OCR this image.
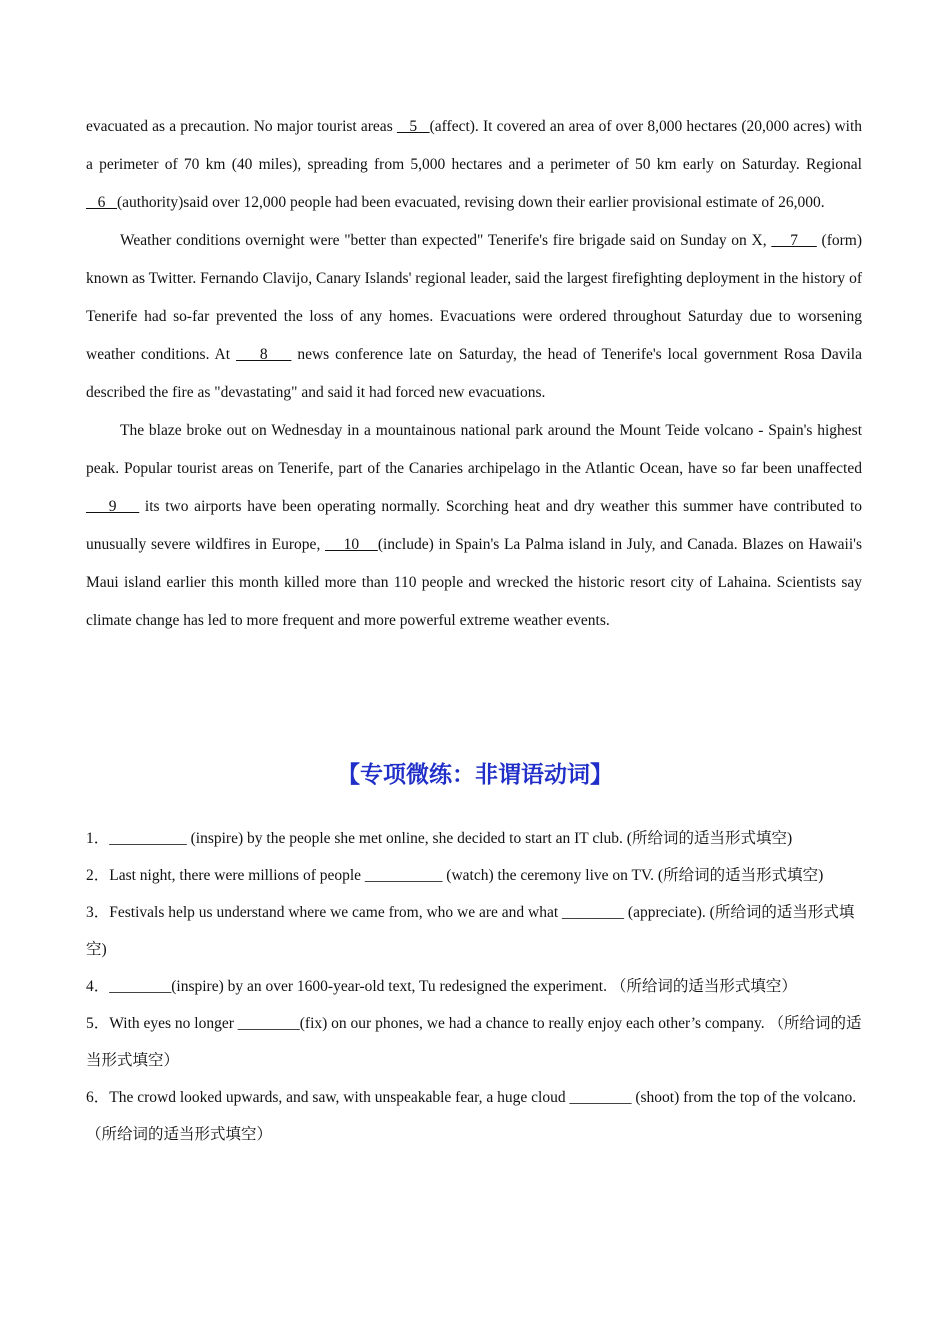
evacuated as a precaution. No major tourist areas    5   (affect). It covered an area of over 8,000 hectares (20,000 acres) with a perimeter of 70 km (40 miles), spreading from 5,000 hectares and a perimeter of 50 km early on Saturday. Regional    6   (authority)said over 12,000 people had been evacuated, revising down their earlier provisional estimate of 26,000.

Weather conditions overnight were "better than expected" Tenerife's fire brigade said on Sunday on X,     7     (form) known as Twitter. Fernando Clavijo, Canary Islands' regional leader, said the largest firefighting deployment in the history of Tenerife had so-far prevented the loss of any homes. Evacuations were ordered throughout Saturday due to worsening weather conditions. At     8     news conference late on Saturday, the head of Tenerife's local government Rosa Davila described the fire as "devastating" and said it had forced new evacuations.

The blaze broke out on Wednesday in a mountainous national park around the Mount Teide volcano - Spain's highest peak. Popular tourist areas on Tenerife, part of the Canaries archipelago in the Atlantic Ocean, have so far been unaffected     9     its two airports have been operating normally. Scorching heat and dry weather this summer have contributed to unusually severe wildfires in Europe,     10    (include) in Spain's La Palma island in July, and Canada. Blazes on Hawaii's Maui island earlier this month killed more than 110 people and wrecked the historic resort city of Lahaina. Scientists say climate change has led to more frequent and more powerful extreme weather events.

【专项微练：非谓语动词】

1．__________ (inspire) by the people she met online, she decided to start an IT club. (所给词的适当形式填空)

2．Last night, there were millions of people __________ (watch) the ceremony live on TV. (所给词的适当形式填空)

3．Festivals help us understand where we came from, who we are and what ________ (appreciate). (所给词的适当形式填空)

4．________(inspire) by an over 1600-year-old text, Tu redesigned the experiment. （所给词的适当形式填空）

5．With eyes no longer ________(fix) on our phones, we had a chance to really enjoy each other’s company. （所给词的适当形式填空）

6．The crowd looked upwards, and saw, with unspeakable fear, a huge cloud ________ (shoot) from the top of the volcano. （所给词的适当形式填空）
